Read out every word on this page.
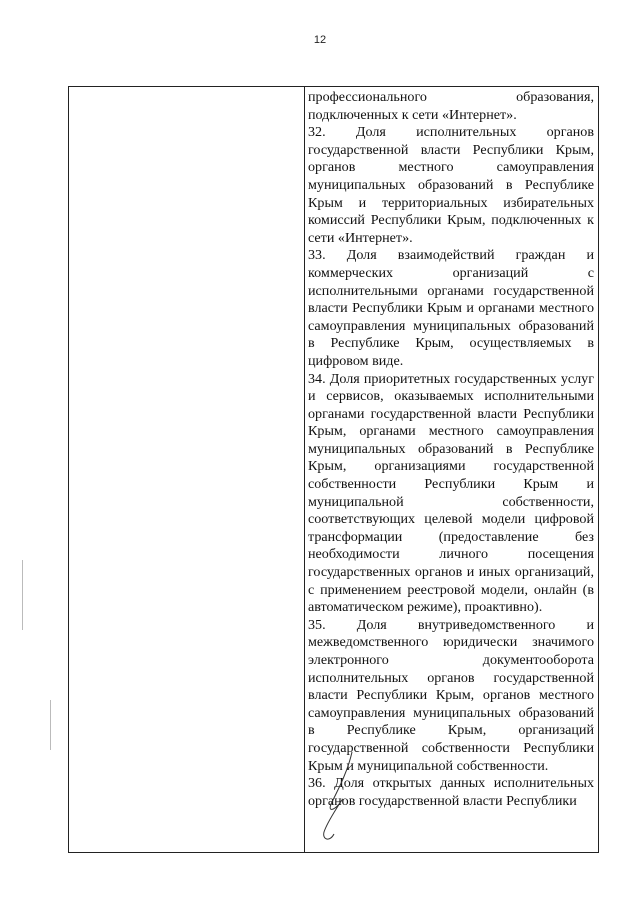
12

профессионального образования, подключенных к сети «Интернет».

32. Доля исполнительных органов государственной власти Республики Крым, органов местного самоуправления муниципальных образований в Республике Крым и территориальных избирательных комиссий Республики Крым, подключенных к сети «Интернет».

33. Доля взаимодействий граждан и коммерческих организаций с исполнительными органами государственной власти Республики Крым и органами местного самоуправления муниципальных образований в Республике Крым, осуществляемых в цифровом виде.

34. Доля приоритетных государственных услуг и сервисов, оказываемых исполнительными органами государственной власти Республики Крым, органами местного самоуправления муниципальных образований в Республике Крым, организациями государственной собственности Республики Крым и муниципальной собственности, соответствующих целевой модели цифровой трансформации (предоставление без необходимости личного посещения государственных органов и иных организаций, с применением реестровой модели, онлайн (в автоматическом режиме), проактивно).

35. Доля внутриведомственного и межведомственного юридически значимого электронного документооборота исполнительных органов государственной власти Республики Крым, органов местного самоуправления муниципальных образований в Республике Крым, организаций государственной собственности Республики Крым и муниципальной собственности.

36. Доля открытых данных исполнительных органов государственной власти Республики
